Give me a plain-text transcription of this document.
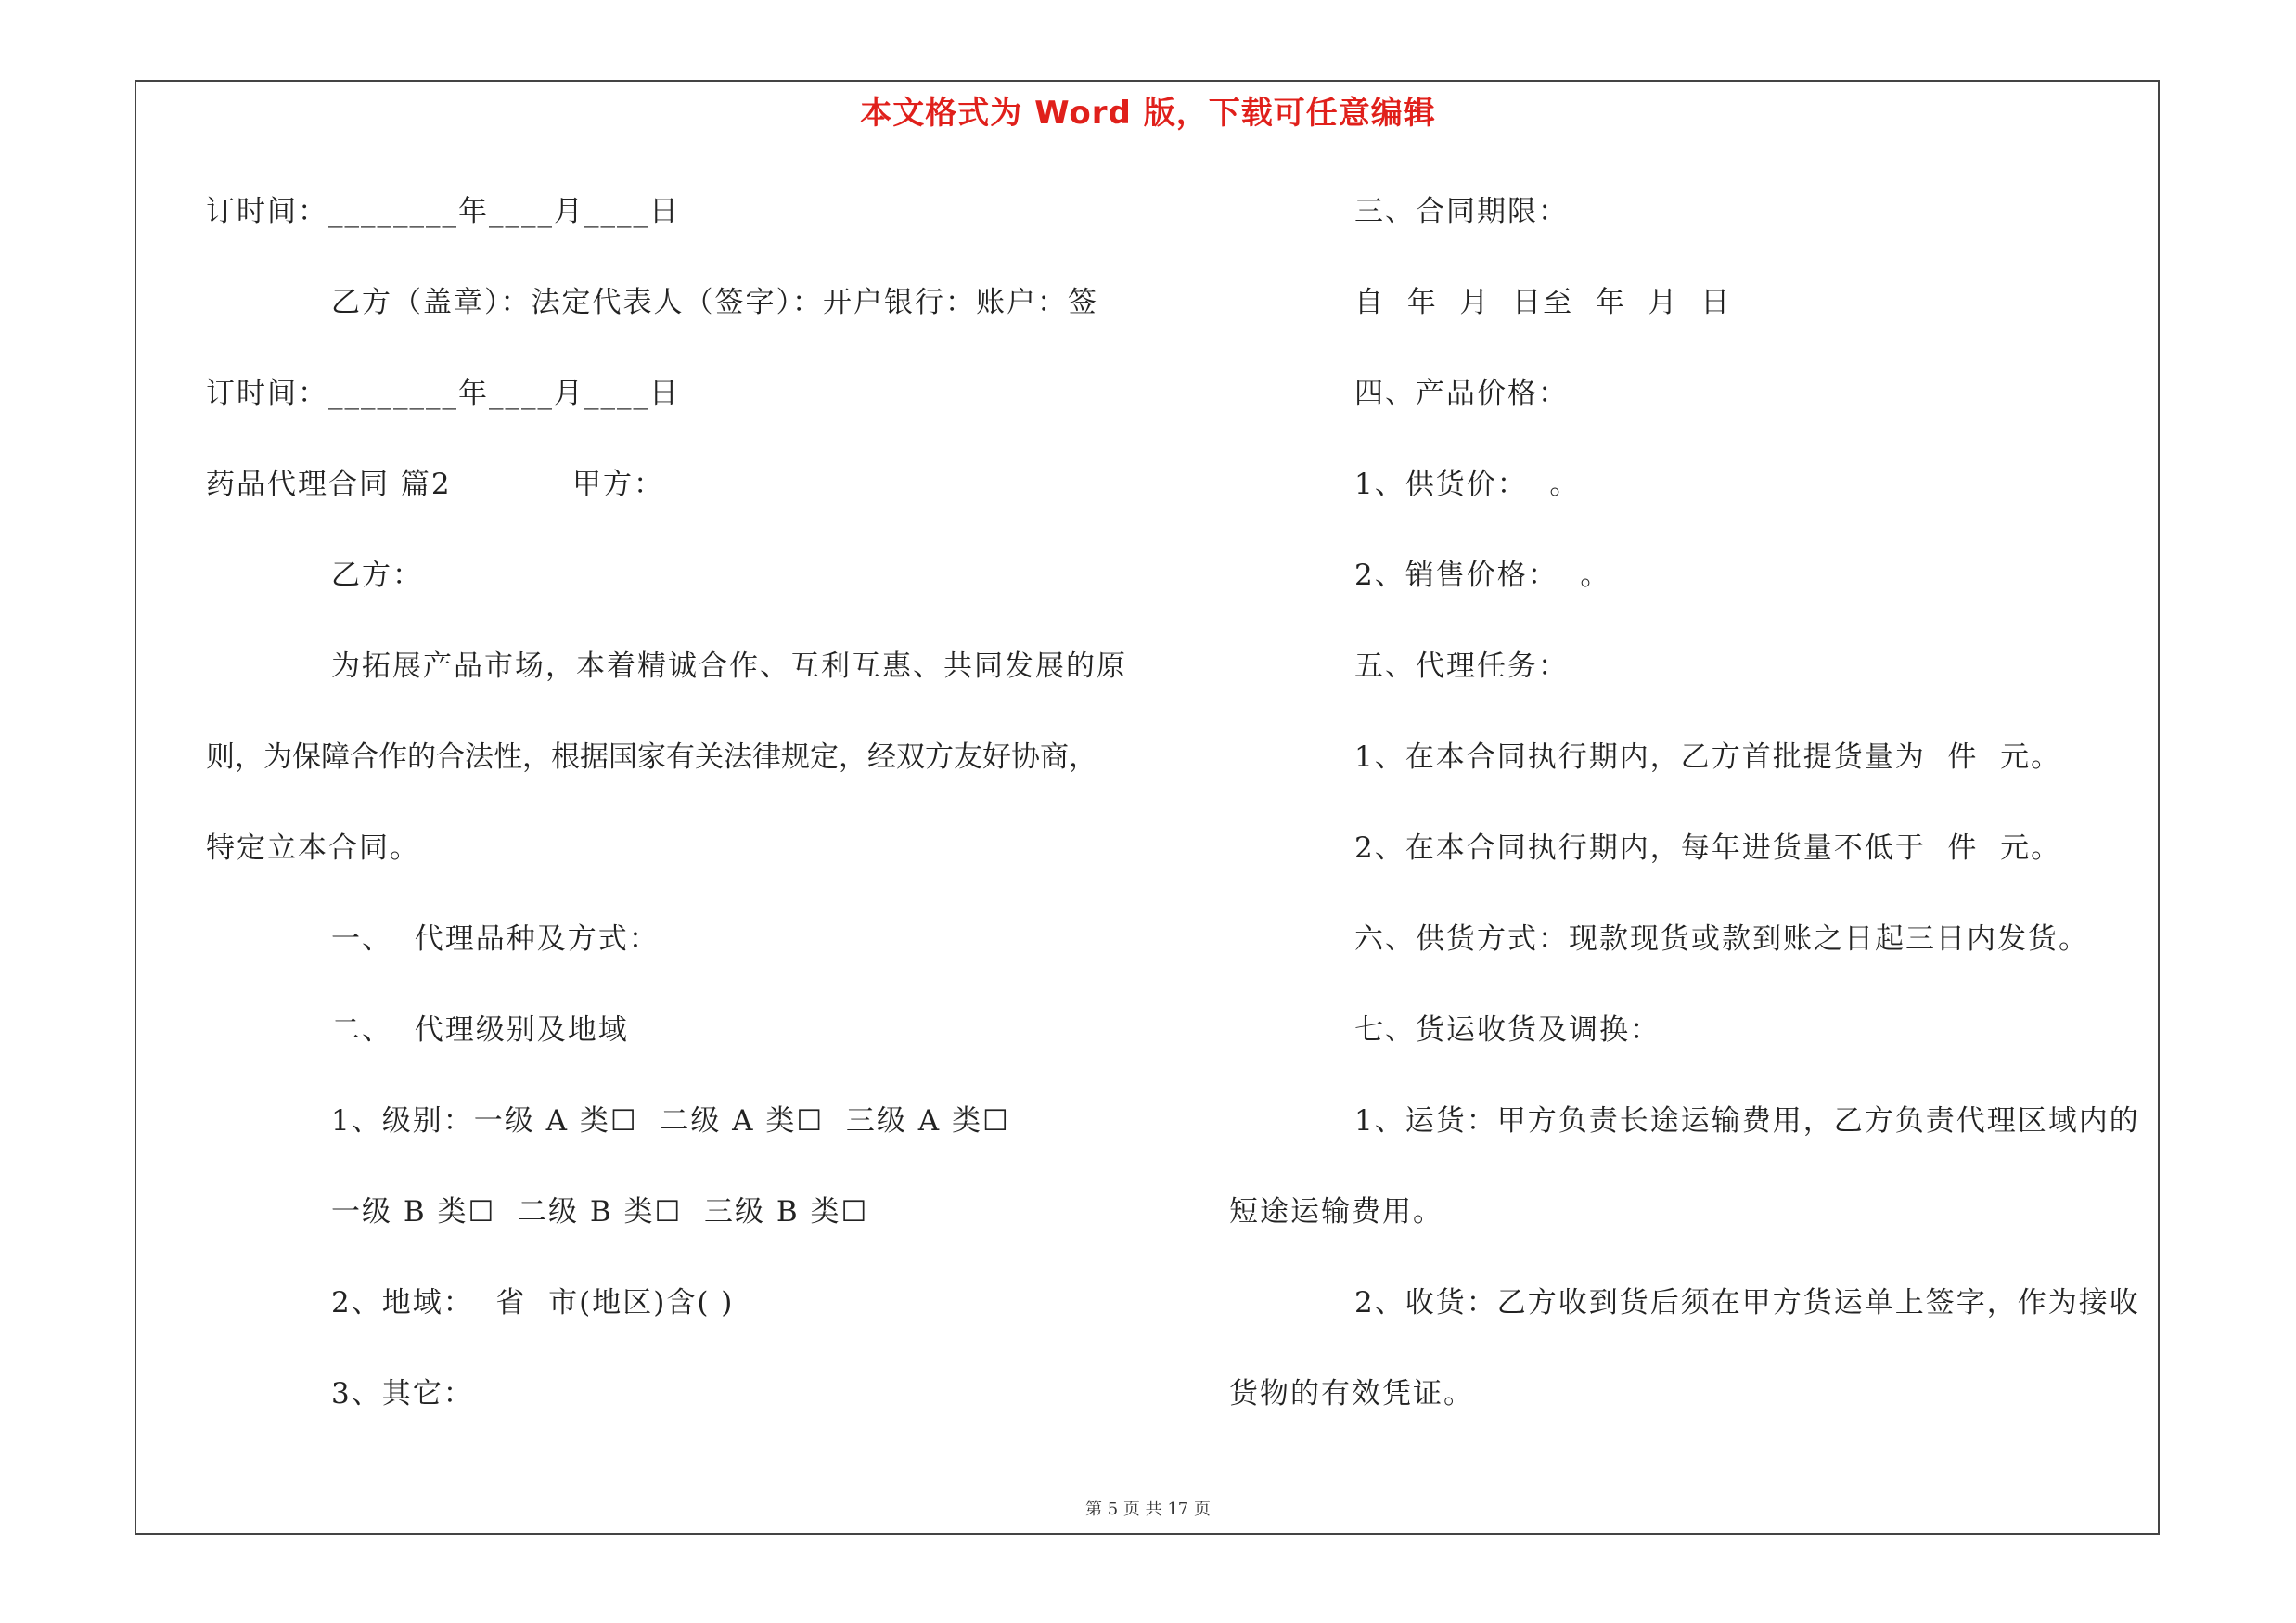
本文格式为 Word 版，下载可任意编辑
订时间：________年____月____日
乙方（盖章）：法定代表人（签字）：开户银行：账户：签
订时间：________年____月____日
药品代理合同 篇2           甲方：
乙方：
为拓展产品市场，本着精诚合作、互利互惠、共同发展的原
则，为保障合作的合法性，根据国家有关法律规定，经双方友好协商，
特定立本合同。
一、  代理品种及方式：
二、  代理级别及地域
1、级别：一级 A 类☐  二级 A 类☐  三级 A 类☐
一级 B 类☐  二级 B 类☐  三级 B 类☐
2、地域：  省  市(地区)含( )
3、其它：
三、合同期限：
自  年  月  日至  年  月  日
四、产品价格：
1、供货价：  。
2、销售价格：  。
五、代理任务：
1、在本合同执行期内，乙方首批提货量为  件  元。
2、在本合同执行期内，每年进货量不低于  件  元。
六、供货方式：现款现货或款到账之日起三日内发货。
七、货运收货及调换：
1、运货：甲方负责长途运输费用，乙方负责代理区域内的
短途运输费用。
2、收货：乙方收到货后须在甲方货运单上签字，作为接收
货物的有效凭证。
第 5 页 共 17 页
